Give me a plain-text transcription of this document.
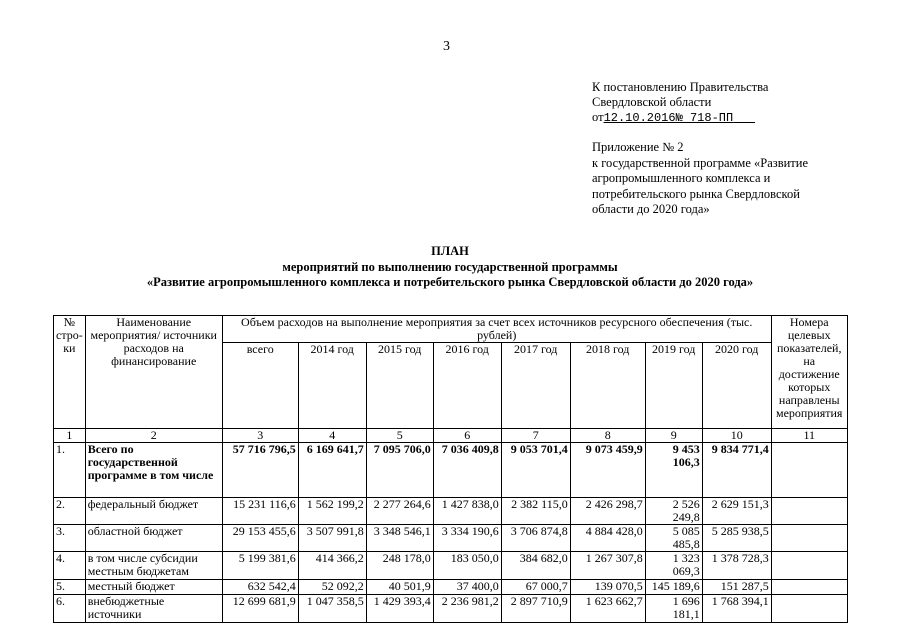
3
К постановлению Правительства
Свердловской области
от12.10.2016№ 718-ПП
Приложение № 2
к государственной программе «Развитие
агропромышленного комплекса и
потребительского рынка Свердловской
области до 2020 года»
ПЛАН
мероприятий по выполнению государственной программы
«Развитие агропромышленного комплекса и потребительского рынка Свердловской области до 2020 года»
№ стро- ки	Наименование мероприятия/ источники расходов на финансирование	Объем расходов на выполнение мероприятия за счет всех источников ресурсного обеспечения (тыс. рублей)								Номера целевых показателей, на достижение которых направлены мероприятия
		всего	2014 год	2015 год	2016 год	2017 год	2018 год	2019 год	2020 год	
1	2	3	4	5	6	7	8	9	10	11
1.	Всего по государственной программе в том числе	57 716 796,5	6 169 641,7	7 095 706,0	7 036 409,8	9 053 701,4	9 073 459,9	9 453 106,3	9 834 771,4	
2.	федеральный бюджет	15 231 116,6	1 562 199,2	2 277 264,6	1 427 838,0	2 382 115,0	2 426 298,7	2 526 249,8	2 629 151,3	
3.	областной бюджет	29 153 455,6	3 507 991,8	3 348 546,1	3 334 190,6	3 706 874,8	4 884 428,0	5 085 485,8	5 285 938,5	
4.	в том числе субсидии местным бюджетам	5 199 381,6	414 366,2	248 178,0	183 050,0	384 682,0	1 267 307,8	1 323 069,3	1 378 728,3	
5.	местный бюджет	632 542,4	52 092,2	40 501,9	37 400,0	67 000,7	139 070,5	145 189,6	151 287,5	
6.	внебюджетные источники	12 699 681,9	1 047 358,5	1 429 393,4	2 236 981,2	2 897 710,9	1 623 662,7	1 696 181,1	1 768 394,1	
